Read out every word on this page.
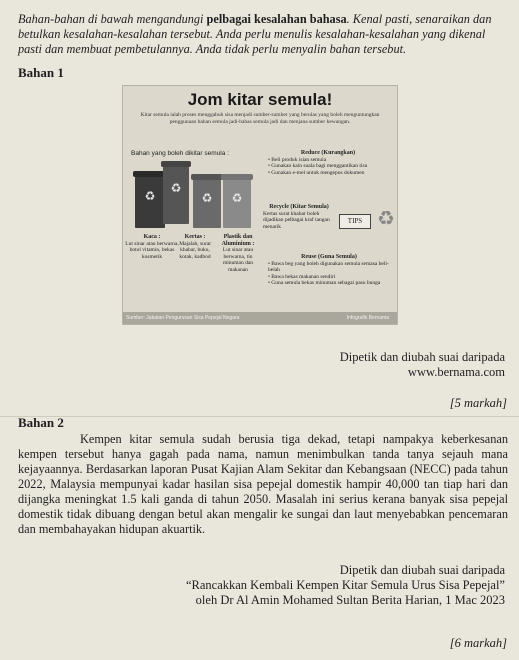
Bahan-bahan di bawah mengandungi pelbagai kesalahan bahasa. Kenal pasti, senaraikan dan betulkan kesalahan-kesalahan tersebut. Anda perlu menulis kesalahan-kesalahan yang dikenal pasti dan membuat pembetulannya. Anda tidak perlu menyalin bahan tersebut.
Bahan 1
Jom kitar semula!
Kitar semula ialah proses menggabuh sisa menjadi sumber-sumber yang berulas yang boleh menguntungkan penggunaan bahan semula jadi-bahas semula jadi dan menjana sumber kewangan.
Bahan yang boleh dikitar semula :
♻
♻
♻ ♻
Kaca :
Lut sinar atau berwarna, botol vitamin, bekas kosmetik
Kertas :
Majalah, surat khabar, buku, kotak, kadbod
Plastik dan Aluminium :
Lut sinar atau berwarna, tin minuman dan makanan
Reduce (Kurangkan)
• Beli produk isian semula
• Gunakan kain suala bagi menggantikan tisu
• Gunakan e-mel untuk mengepos dokumen
Recycle (Kitar Semula)
Kertas surat khabar boleh dijadikan pelbagai kraf tangan menarik
TIPS ♻
Reuse (Guna Semula)
• Bawa beg yang boleh digunakan semula semasa beli-belah
• Bawa bekas makanan sendiri
• Guna semula bekas minuman sebagai pasu bunga
Sumber: Jabatan Pengurusan Sisa Pepejal Negara	Infografik Bernama
Dipetik dan diubah suai daripada
www.bernama.com
[5 markah]
Bahan 2
Kempen kitar semula sudah berusia tiga dekad, tetapi nampakya keberkesanan kempen tersebut hanya gagah pada nama, namun menimbulkan tanda tanya sejauh mana kejayaannya. Berdasarkan laporan Pusat Kajian Alam Sekitar dan Kebangsaan (NECC) pada tahun 2022, Malaysia mempunyai kadar hasilan sisa pepejal domestik hampir 40,000 tan tiap hari dan dijangka meningkat 1.5 kali ganda di tahun 2050. Masalah ini serius kerana banyak sisa pepejal domestik tidak dibuang dengan betul akan mengalir ke sungai dan laut menyebabkan pencemaran dan membahayakan hidupan akuartik.
Dipetik dan diubah suai daripada
“Rancakkan Kembali Kempen Kitar Semula Urus Sisa Pepejal”
oleh Dr Al Amin Mohamed Sultan Berita Harian, 1 Mac 2023
[6 markah]
